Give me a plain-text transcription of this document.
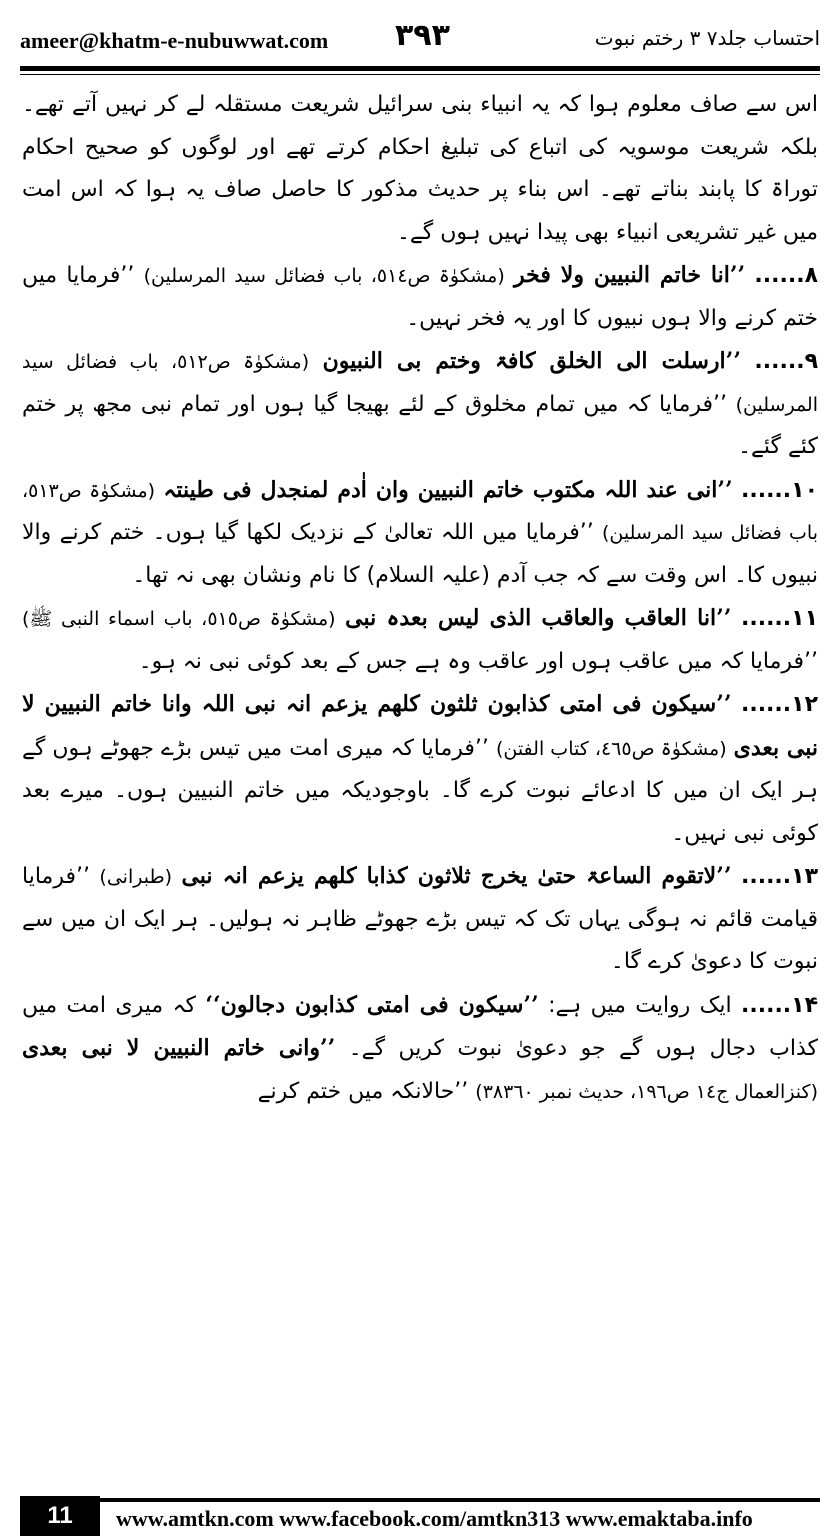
ameer@khatm-e-nubuwwat.com ۳۹۳	احتساب جلد۷ ۳ رختم نبوت

اس سے صاف معلوم ہوا کہ یہ انبیاء بنی سرائیل شریعت مستقلہ لے کر نہیں آتے تھے۔ بلکہ شریعت موسویہ کی اتباع کی تبلیغ احکام کرتے تھے اور لوگوں کو صحیح احکام توراۃ کا پابند بناتے تھے۔ اس بناء پر حدیث مذکور کا حاصل صاف یہ ہوا کہ اس امت میں غیر تشریعی انبیاء بھی پیدا نہیں ہوں گے۔

۸...... ’’انا خاتم النبیین ولا فخر (مشکوٰۃ ص٥١٤، باب فضائل سید المرسلین) ’’فرمایا میں ختم کرنے والا ہوں نبیوں کا اور یہ فخر نہیں۔

۹...... ’’ارسلت الی الخلق کافۃ وختم بی النبیون (مشکوٰۃ ص٥١٢، باب فضائل سید المرسلین) ’’فرمایا کہ میں تمام مخلوق کے لئے بھیجا گیا ہوں اور تمام نبی مجھ پر ختم کئے گئے۔

۱۰...... ’’انی عند اللہ مکتوب خاتم النبیین وان اٰدم لمنجدل فی طینتہ (مشکوٰۃ ص٥١٣، باب فضائل سید المرسلین) ’’فرمایا میں اللہ تعالیٰ کے نزدیک لکھا گیا ہوں۔ ختم کرنے والا نبیوں کا۔ اس وقت سے کہ جب آدم (علیہ السلام) کا نام ونشان بھی نہ تھا۔

۱۱...... ’’انا العاقب والعاقب الذی لیس بعدہ نبی (مشکوٰۃ ص٥١٥، باب اسماء النبی ﷺ) ’’فرمایا کہ میں عاقب ہوں اور عاقب وہ ہے جس کے بعد کوئی نبی نہ ہو۔

۱۲...... ’’سیکون فی امتی کذابون ثلثون کلھم یزعم انہ نبی اللہ وانا خاتم النبیین لا نبی بعدی (مشکوٰۃ ص٤٦٥، کتاب الفتن) ’’فرمایا کہ میری امت میں تیس بڑے جھوٹے ہوں گے ہر ایک ان میں کا ادعائے نبوت کرے گا۔ باوجودیکہ میں خاتم النبیین ہوں۔ میرے بعد کوئی نبی نہیں۔

۱۳...... ’’لاتقوم الساعۃ حتیٰ یخرج ثلاثون کذابا کلھم یزعم انہ نبی (طبرانی) ’’فرمایا قیامت قائم نہ ہوگی یہاں تک کہ تیس بڑے جھوٹے ظاہر نہ ہولیں۔ ہر ایک ان میں سے نبوت کا دعویٰ کرے گا۔

۱۴...... ایک روایت میں ہے: ’’سیکون فی امتی کذابون دجالون‘‘ کہ میری امت میں کذاب دجال ہوں گے جو دعویٰ نبوت کریں گے۔ ’’وانی خاتم النبیین لا نبی بعدی (کنزالعمال ج١٤ ص١٩٦، حدیث نمبر ٣٨٣٦٠) ’’حالانکہ میں ختم کرنے

11	www.amtkn.com www.facebook.com/amtkn313 www.emaktaba.info
